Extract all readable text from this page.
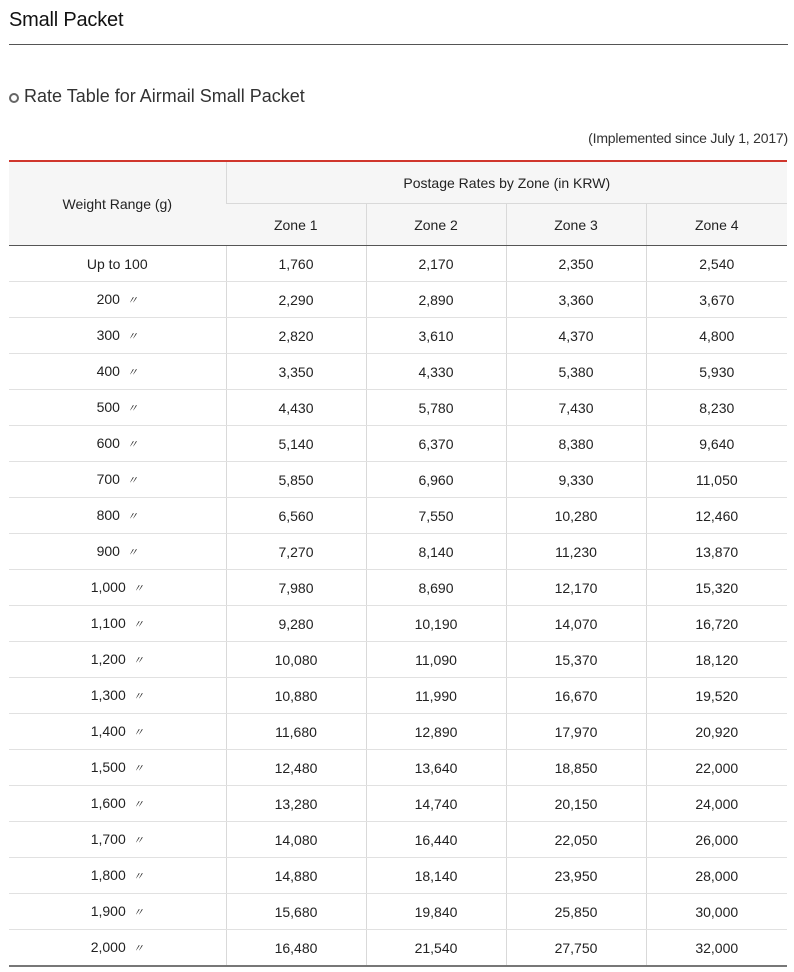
Small Packet
Rate Table for Airmail Small Packet
(Implemented since July 1, 2017)
Weight Range (g)	Postage Rates by Zone (in KRW)			
	Zone 1	Zone 2	Zone 3	Zone 4
Up to 100	1,760	2,170	2,350	2,540
200 〃	2,290	2,890	3,360	3,670
300 〃	2,820	3,610	4,370	4,800
400 〃	3,350	4,330	5,380	5,930
500 〃	4,430	5,780	7,430	8,230
600 〃	5,140	6,370	8,380	9,640
700 〃	5,850	6,960	9,330	11,050
800 〃	6,560	7,550	10,280	12,460
900 〃	7,270	8,140	11,230	13,870
1,000 〃	7,980	8,690	12,170	15,320
1,100 〃	9,280	10,190	14,070	16,720
1,200 〃	10,080	11,090	15,370	18,120
1,300 〃	10,880	11,990	16,670	19,520
1,400 〃	11,680	12,890	17,970	20,920
1,500 〃	12,480	13,640	18,850	22,000
1,600 〃	13,280	14,740	20,150	24,000
1,700 〃	14,080	16,440	22,050	26,000
1,800 〃	14,880	18,140	23,950	28,000
1,900 〃	15,680	19,840	25,850	30,000
2,000 〃	16,480	21,540	27,750	32,000
